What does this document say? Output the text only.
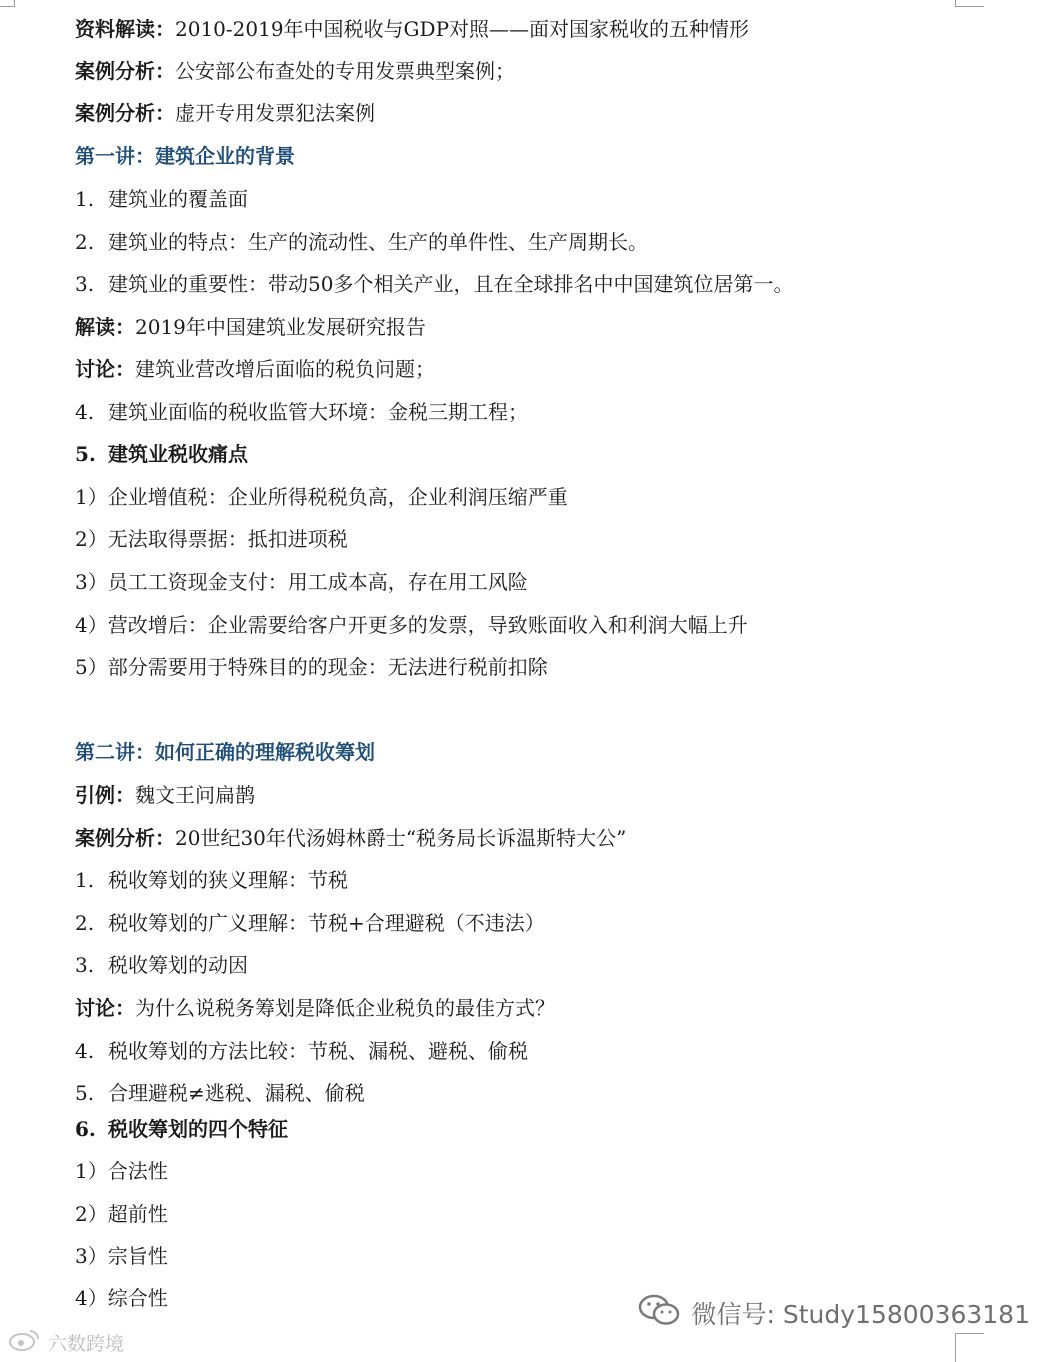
资料解读：2010-2019年中国税收与GDP对照——面对国家税收的五种情形
案例分析：公安部公布查处的专用发票典型案例；
案例分析：虚开专用发票犯法案例
第一讲：建筑企业的背景
1. 建筑业的覆盖面
2. 建筑业的特点：生产的流动性、生产的单件性、生产周期长。
3. 建筑业的重要性：带动50多个相关产业，且在全球排名中中国建筑位居第一。
解读：2019年中国建筑业发展研究报告
讨论：建筑业营改增后面临的税负问题；
4. 建筑业面临的税收监管大环境：金税三期工程；
5. 建筑业税收痛点
1）企业增值税：企业所得税税负高，企业利润压缩严重
2）无法取得票据：抵扣进项税
3）员工工资现金支付：用工成本高，存在用工风险
4）营改增后：企业需要给客户开更多的发票，导致账面收入和利润大幅上升
5）部分需要用于特殊目的的现金：无法进行税前扣除
第二讲：如何正确的理解税收筹划
引例：魏文王问扁鹊
案例分析：20世纪30年代汤姆林爵士“税务局长诉温斯特大公”
1. 税收筹划的狭义理解：节税
2. 税收筹划的广义理解：节税+合理避税（不违法）
3. 税收筹划的动因
讨论：为什么说税务筹划是降低企业税负的最佳方式？
4. 税收筹划的方法比较：节税、漏税、避税、偷税
5. 合理避税≠逃税、漏税、偷税
6. 税收筹划的四个特征
1）合法性
2）超前性
3）宗旨性
4）综合性
微信号: Study15800363181
六数跨境
